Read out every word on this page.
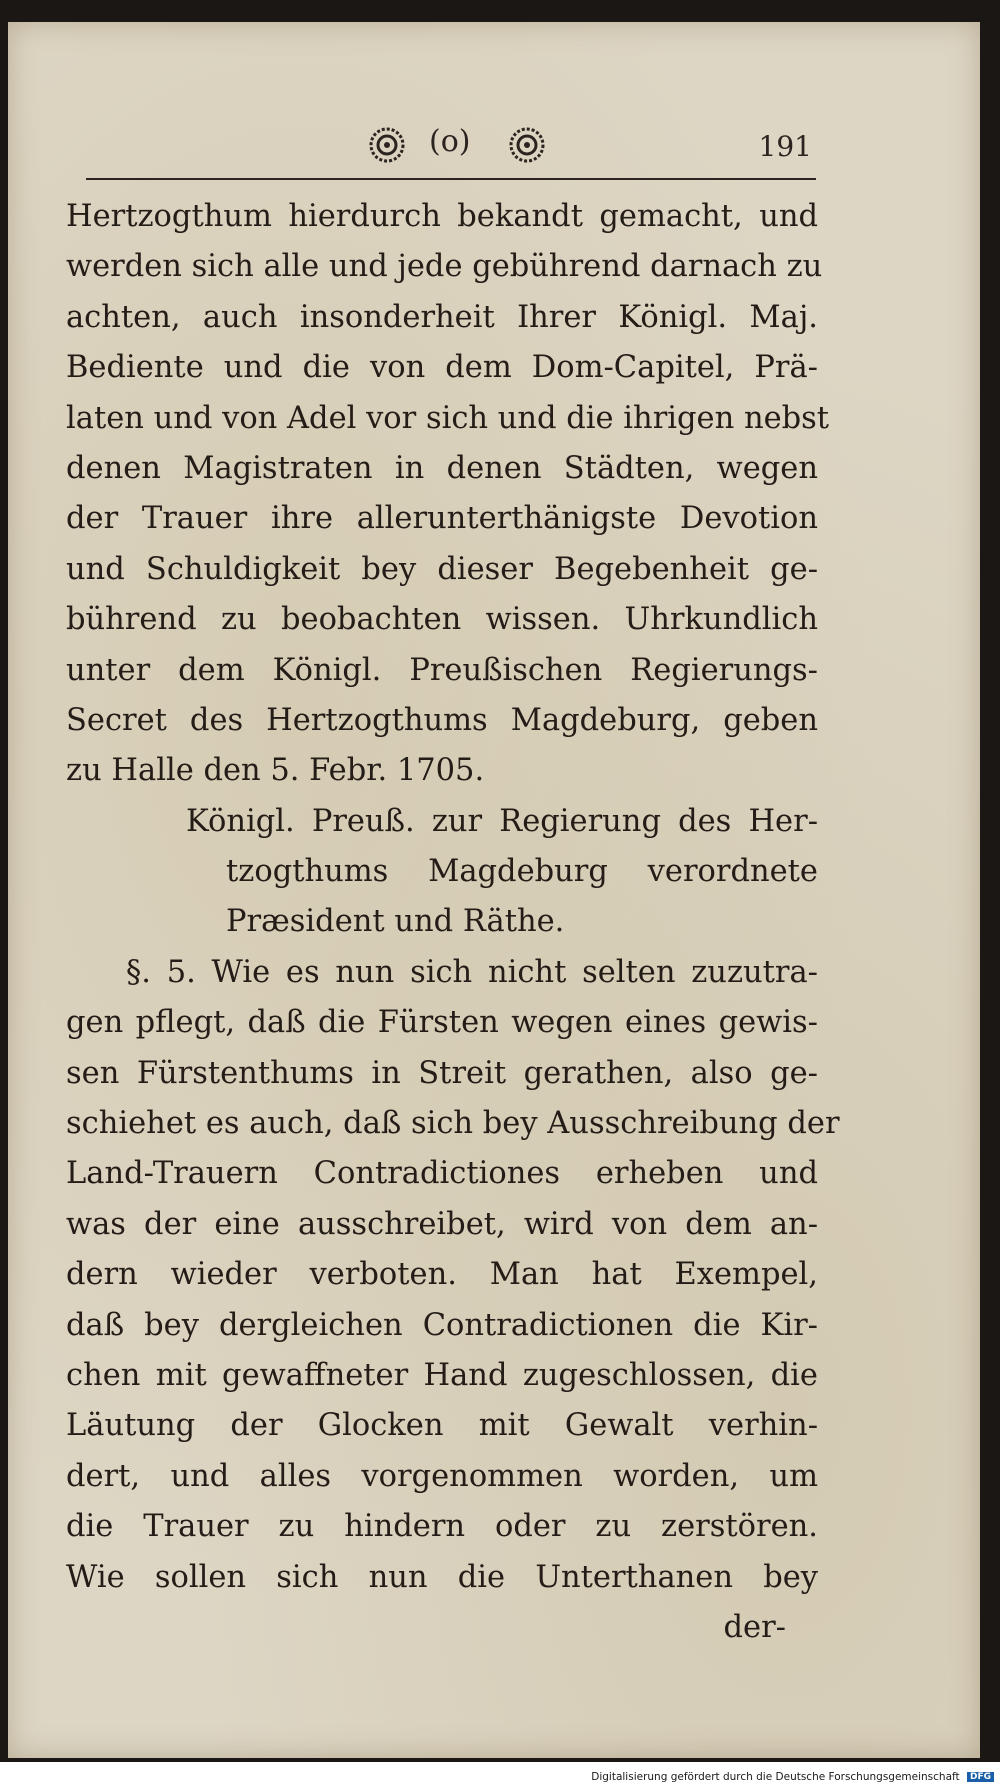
(o)	191
Hertzogthum hierdurch bekandt gemacht, und
werden sich alle und jede gebührend darnach zu
achten, auch insonderheit Ihrer Königl. Maj.
Bediente und die von dem Dom-Capitel, Prä-
laten und von Adel vor sich und die ihrigen nebst
denen Magistraten in denen Städten, wegen
der Trauer ihre allerunterthänigste Devotion
und Schuldigkeit bey dieser Begebenheit ge-
bührend zu beobachten wissen. Uhrkundlich
unter dem Königl. Preußischen Regierungs-
Secret des Hertzogthums Magdeburg, geben
zu Halle den 5. Febr. 1705.
Königl. Preuß. zur Regierung des Her-
tzogthums Magdeburg verordnete
Præsident und Räthe.
§. 5. Wie es nun sich nicht selten zuzutra-
gen pflegt, daß die Fürsten wegen eines gewis-
sen Fürstenthums in Streit gerathen, also ge-
schiehet es auch, daß sich bey Ausschreibung der
Land-Trauern Contradictiones erheben und
was der eine ausschreibet, wird von dem an-
dern wieder verboten. Man hat Exempel,
daß bey dergleichen Contradictionen die Kir-
chen mit gewaffneter Hand zugeschlossen, die
Läutung der Glocken mit Gewalt verhin-
dert, und alles vorgenommen worden, um
die Trauer zu hindern oder zu zerstören.
Wie sollen sich nun die Unterthanen bey
der-
Digitalisierung gefördert durch die Deutsche Forschungsgemeinschaft DFG
